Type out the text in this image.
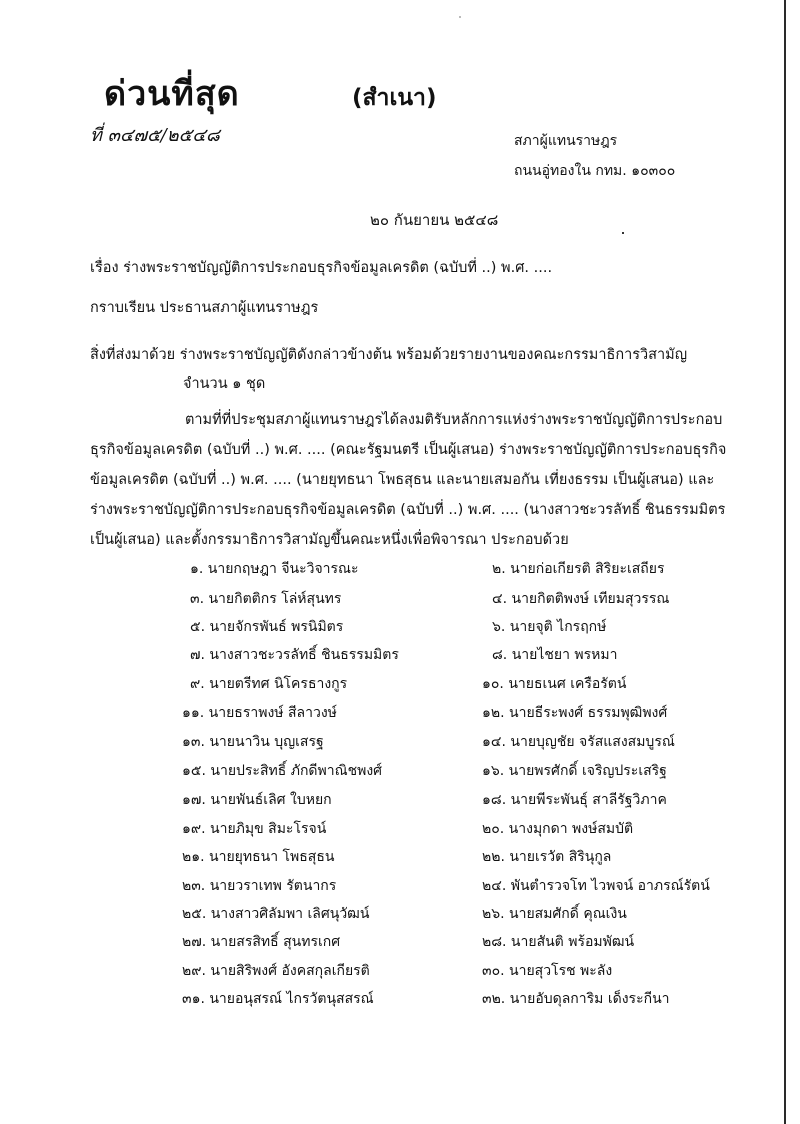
ด่วนที่สุด	(สำเนา)
ที่ ๓๔๗๕/๒๕๔๘	สภาผู้แทนราษฎร
ถนนอู่ทองใน กทม. ๑๐๓๐๐
๒๐ กันยายน ๒๕๔๘
เรื่อง ร่างพระราชบัญญัติการประกอบธุรกิจข้อมูลเครดิต (ฉบับที่ ..) พ.ศ. ....
กราบเรียน ประธานสภาผู้แทนราษฎร
สิ่งที่ส่งมาด้วย ร่างพระราชบัญญัติดังกล่าวข้างต้น พร้อมด้วยรายงานของคณะกรรมาธิการวิสามัญ
จำนวน ๑ ชุด
ตามที่ที่ประชุมสภาผู้แทนราษฎรได้ลงมติรับหลักการแห่งร่างพระราชบัญญัติการประกอบ
ธุรกิจข้อมูลเครดิต (ฉบับที่ ..) พ.ศ. .... (คณะรัฐมนตรี เป็นผู้เสนอ) ร่างพระราชบัญญัติการประกอบธุรกิจ
ข้อมูลเครดิต (ฉบับที่ ..) พ.ศ. .... (นายยุทธนา โพธสุธน และนายเสมอกัน เที่ยงธรรม เป็นผู้เสนอ) และ
ร่างพระราชบัญญัติการประกอบธุรกิจข้อมูลเครดิต (ฉบับที่ ..) พ.ศ. .... (นางสาวชะวรลัทธิ์ ชินธรรมมิตร
เป็นผู้เสนอ) และตั้งกรรมาธิการวิสามัญขึ้นคณะหนึ่งเพื่อพิจารณา ประกอบด้วย
๑. นายกฤษฎา จีนะวิจารณะ	๒. นายก่อเกียรติ สิริยะเสถียร
๓. นายกิตติกร โล่ห์สุนทร	๔. นายกิตติพงษ์ เทียมสุวรรณ
๕. นายจักรพันธ์ พรนิมิตร	๖. นายจุติ ไกรฤกษ์
๗. นางสาวชะวรลัทธิ์ ชินธรรมมิตร	๘. นายไชยา พรหมา
๙. นายตรีทศ นิโครธางกูร	๑๐. นายธเนศ เครือรัตน์
๑๑. นายธราพงษ์ สีลาวงษ์	๑๒. นายธีระพงศ์ ธรรมพุฒิพงศ์
๑๓. นายนาวิน บุญเสรฐ	๑๔. นายบุญชัย จรัสแสงสมบูรณ์
๑๕. นายประสิทธิ์ ภักดีพาณิชพงศ์	๑๖. นายพรศักดิ์ เจริญประเสริฐ
๑๗. นายพันธ์เลิศ ใบหยก	๑๘. นายพีระพันธุ์ สาลีรัฐวิภาค
๑๙. นายภิมุข สิมะโรจน์	๒๐. นางมุกดา พงษ์สมบัติ
๒๑. นายยุทธนา โพธสุธน	๒๒. นายเรวัต สิรินุกูล
๒๓. นายวราเทพ รัตนากร	๒๔. พันตำรวจโท ไวพจน์ อาภรณ์รัตน์
๒๕. นางสาวศิลัมพา เลิศนุวัฒน์	๒๖. นายสมศักดิ์ คุณเงิน
๒๗. นายสรสิทธิ์ สุนทรเกศ	๒๘. นายสันติ พร้อมพัฒน์
๒๙. นายสิริพงศ์ อังคสกุลเกียรติ	๓๐. นายสุวโรช พะลัง
๓๑. นายอนุสรณ์ ไกรวัตนุสสรณ์	๓๒. นายอับดุลการิม เด็งระกีนา
